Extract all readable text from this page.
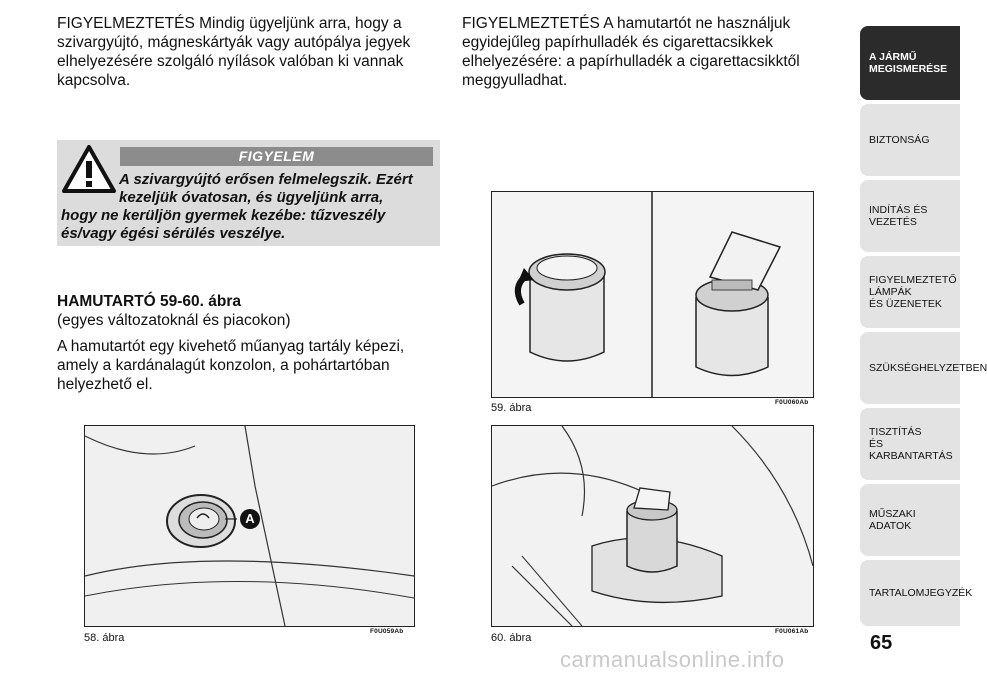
FIGYELMEZTETÉS Mindig ügyeljünk arra, hogy a szivargyújtó, mágneskártyák vagy autópálya jegyek elhelyezésére szolgáló nyílások valóban ki vannak kapcsolva.

FIGYELEM
A szivargyújtó erősen felmelegszik. Ezért kezeljük óvatosan, és ügyeljünk arra,
hogy ne kerüljön gyermek kezébe: tűzveszély és/vagy égési sérülés veszélye.
HAMUTARTÓ 59-60. ábra
(egyes változatoknál és piacokon)
A hamutartót egy kivehető műanyag tartály képezi, amely a kardánalagút konzolon, a pohártartóban helyezhető el.
A
58. ábra
F0U059Ab

FIGYELMEZTETÉS A hamutartót ne használjuk egyidejűleg papírhulladék és cigarettacsikkek elhelyezésére: a papírhulladék a cigarettacsikktől meggyulladhat.

59. ábra	F0U060Ab
60. ábra
F0U061Ab
A JÁRMŰ
MEGISMERÉSE
BIZTONSÁG
INDÍTÁS ÉS VEZETÉS
FIGYELMEZTETŐ
LÁMPÁK
ÉS ÜZENETEK
SZÜKSÉGHELYZETBEN
TISZTÍTÁS
ÉS KARBANTARTÁS
MŰSZAKI ADATOK
TARTALOMJEGYZÉK
65
carmanualsonline.info
